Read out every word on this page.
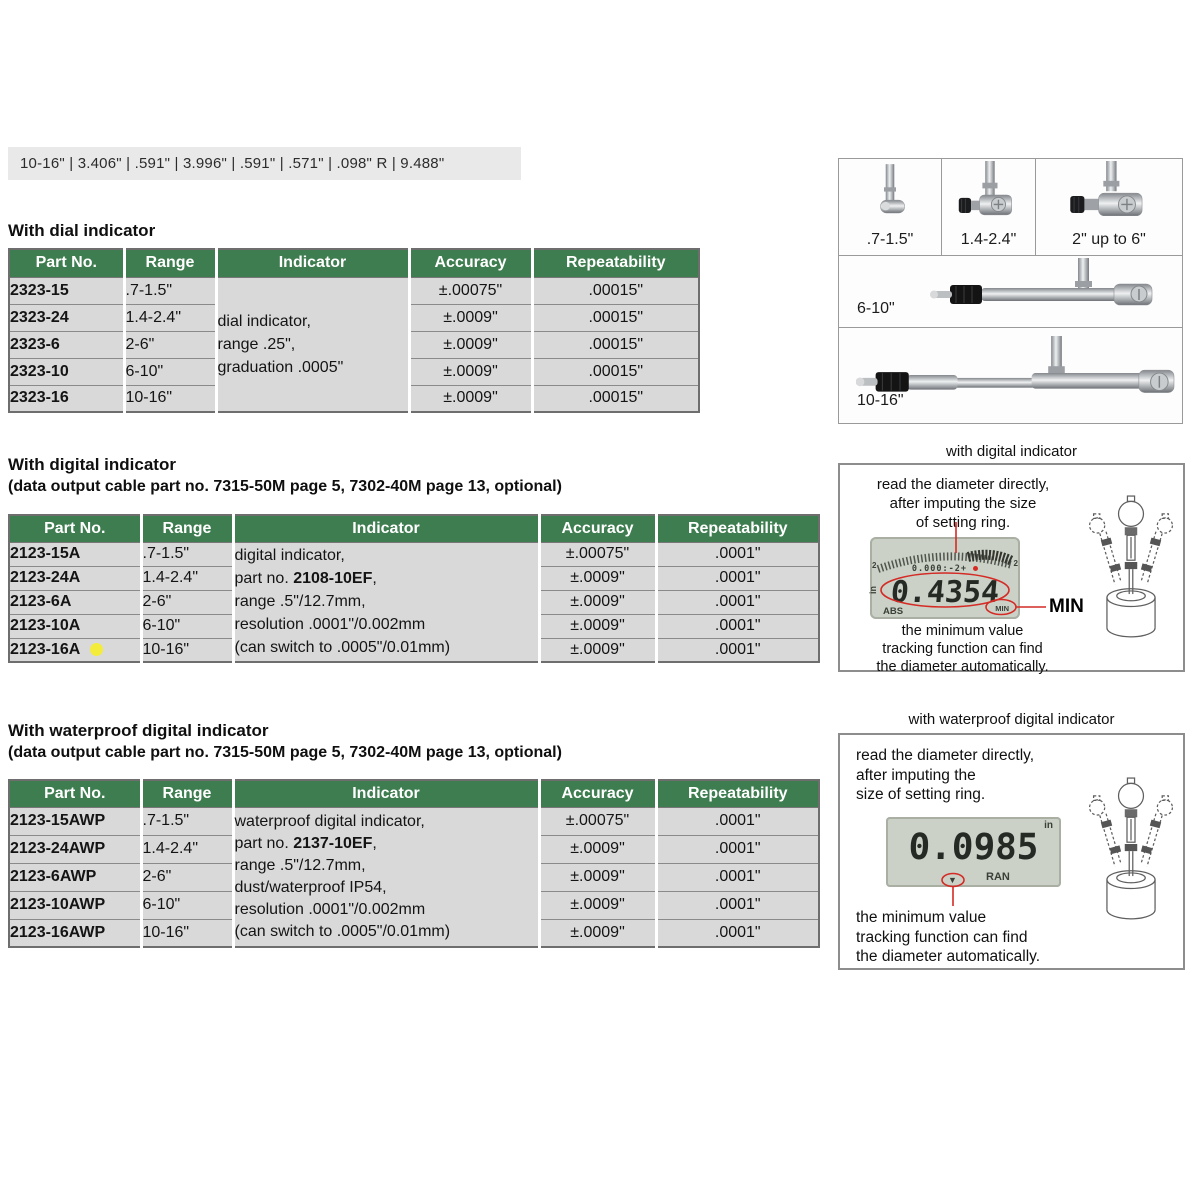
10-16" | 3.406" | .591" | 3.996" | .591" | .571" | .098" R | 9.488"
With dial indicator
Part No.	Range	Indicator	Accuracy	Repeatability
2323-15	.7-1.5"	dial indicator,
range .25",
graduation .0005"	±.00075"	.00015"
2323-24	1.4-2.4"		±.0009"	.00015"
2323-6	2-6"		±.0009"	.00015"
2323-10	6-10"		±.0009"	.00015"
2323-16	10-16"		±.0009"	.00015"
With digital indicator
(data output cable part no. 7315-50M page 5, 7302-40M page 13, optional)
Part No.	Range	Indicator	Accuracy	Repeatability
2123-15A	.7-1.5"	digital indicator,
part no. 2108-10EF,
range .5"/12.7mm,
resolution .0001"/0.002mm
(can switch to .0005"/0.01mm)	±.00075"	.0001"
2123-24A	1.4-2.4"		±.0009"	.0001"
2123-6A	2-6"		±.0009"	.0001"
2123-10A	6-10"		±.0009"	.0001"
2123-16A	10-16"		±.0009"	.0001"
With waterproof digital indicator
(data output cable part no. 7315-50M page 5, 7302-40M page 13, optional)
Part No.	Range	Indicator	Accuracy	Repeatability
2123-15AWP	.7-1.5"	waterproof digital indicator,
part no. 2137-10EF,
range .5"/12.7mm,
dust/waterproof IP54,
resolution .0001"/0.002mm
(can switch to .0005"/0.01mm)
	±.00075"	.0001"
2123-24AWP	1.4-2.4"		±.0009"	.0001"
2123-6AWP	2-6"		±.0009"	.0001"
2123-10AWP	6-10"		±.0009"	.0001"
2123-16AWP	10-16"		±.0009"	.0001"
.7-1.5"	1.4-2.4"	2" up to 6"
6-10"
10-16"
with digital indicator
read the diameter directly,
after imputing the size
of setting ring.
2	2
0.000:-2+
0.4354
in
ABS	MIN MIN
the minimum value
tracking function can find
the diameter automatically.
with waterproof digital indicator
read the diameter directly,
after imputing the
size of setting ring.
0.0985
in
RAN
▼
the minimum value
tracking function can find
the diameter automatically.
